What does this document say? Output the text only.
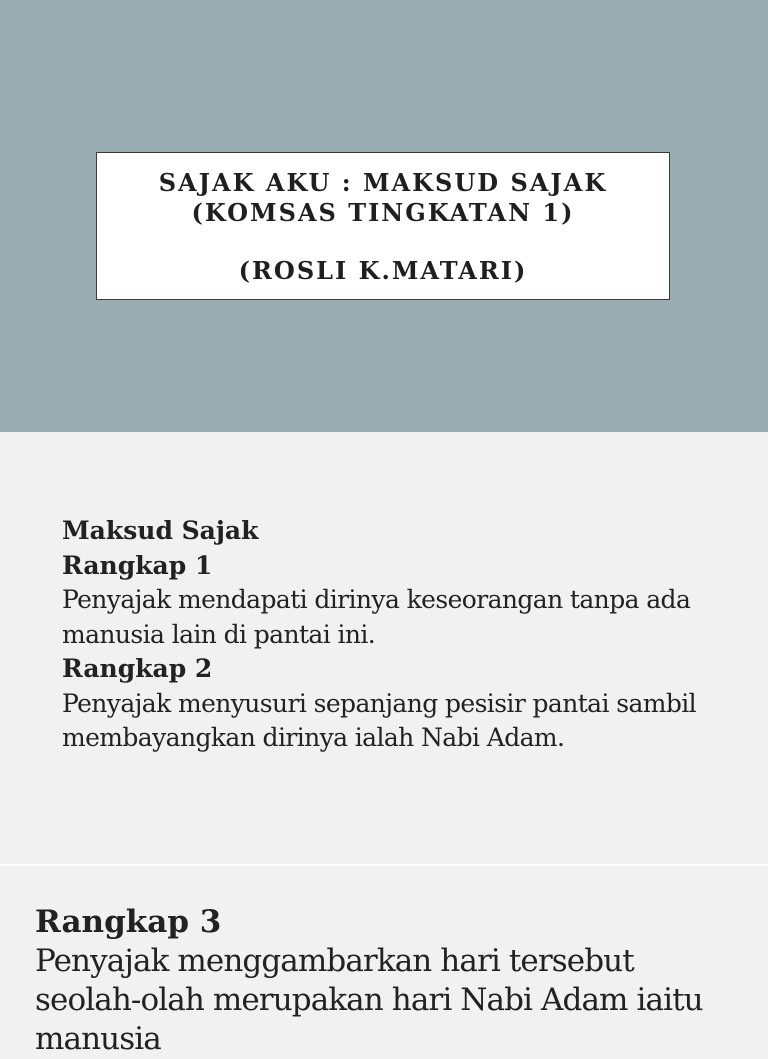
SAJAK AKU : MAKSUD SAJAK
(KOMSAS TINGKATAN 1)
(ROSLI K.MATARI)
Maksud Sajak
Rangkap 1
Penyajak mendapati dirinya keseorangan tanpa ada manusia lain di pantai ini.
Rangkap 2
Penyajak menyusuri sepanjang pesisir pantai sambil membayangkan dirinya ialah Nabi Adam.
Rangkap 3
Penyajak menggambarkan hari tersebut seolah-olah merupakan hari Nabi Adam iaitu manusia
